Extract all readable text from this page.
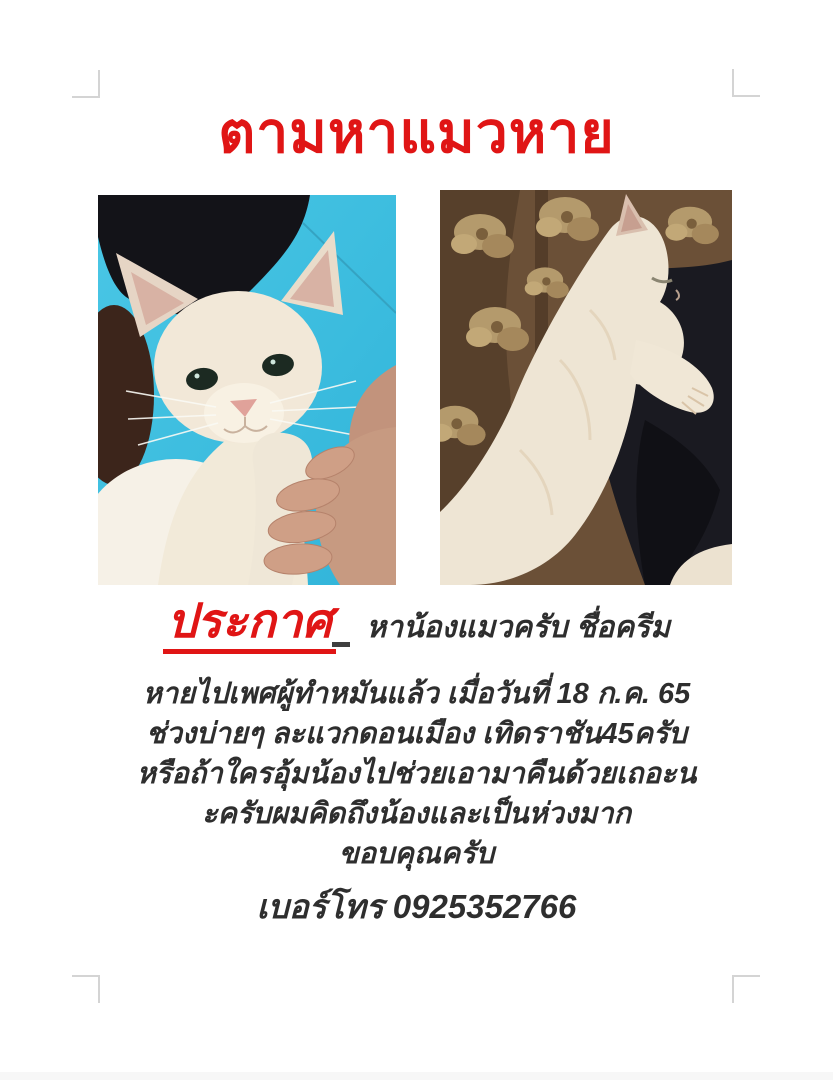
ตามหาแมวหาย
ประกาศ หาน้องแมวครับ ชื่อครีม
หายไปเพศผู้ทำหมันแล้ว เมื่อวันที่ 18 ก.ค. 65
ช่วงบ่ายๆ ละแวกดอนเมือง เทิดราชัน45ครับ
หรือถ้าใครอุ้มน้องไปช่วยเอามาคืนด้วยเถอะน
ะครับผมคิดถึงน้องและเป็นห่วงมาก
ขอบคุณครับ
เบอร์โทร 0925352766
